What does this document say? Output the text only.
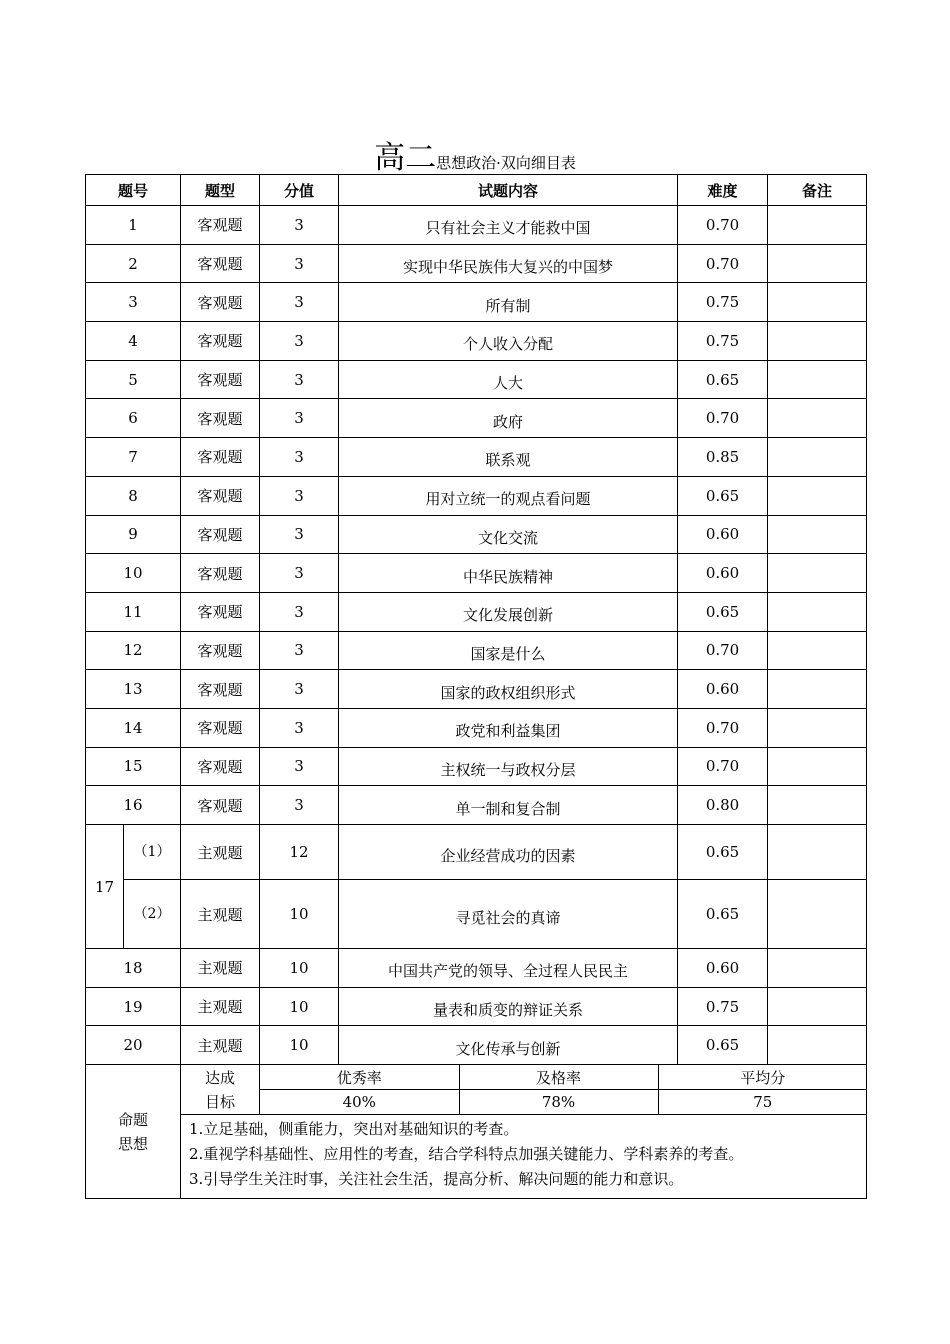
高二思想政治·双向细目表
题号	题型	分值	试题内容	难度	备注
1	客观题	3	只有社会主义才能救中国	0.70	
2	客观题	3	实现中华民族伟大复兴的中国梦	0.70	
3	客观题	3	所有制	0.75	
4	客观题	3	个人收入分配	0.75	
5	客观题	3	人大	0.65	
6	客观题	3	政府	0.70	
7	客观题	3	联系观	0.85	
8	客观题	3	用对立统一的观点看问题	0.65	
9	客观题	3	文化交流	0.60	
10	客观题	3	中华民族精神	0.60	
11	客观题	3	文化发展创新	0.65	
12	客观题	3	国家是什么	0.70	
13	客观题	3	国家的政权组织形式	0.60	
14	客观题	3	政党和利益集团	0.70	
15	客观题	3	主权统一与政权分层	0.70	
16	客观题	3	单一制和复合制	0.80	
17	（1）	主观题	12	企业经营成功的因素	0.65	
（2）	主观题	10	寻觅社会的真谛	0.65	
18	主观题	10	中国共产党的领导、全过程人民民主	0.60	
19	主观题	10	量表和质变的辩证关系	0.75	
20	主观题	10	文化传承与创新	0.65	
命题思想	达成目标	
优秀率	及格率	平均分
40%	78%	75

1.立足基础，侧重能力，突出对基础知识的考查。
2.重视学科基础性、应用性的考查，结合学科特点加强关键能力、学科素养的考查。
3.引导学生关注时事，关注社会生活，提高分析、解决问题的能力和意识。
